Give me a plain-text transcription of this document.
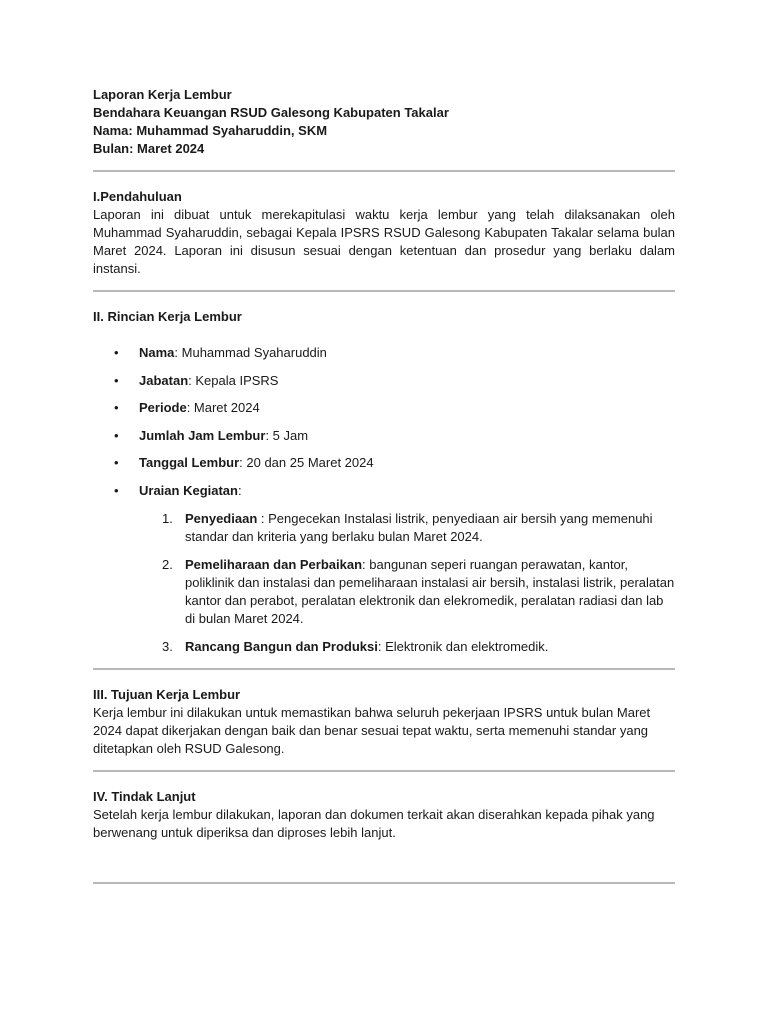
Laporan Kerja Lembur

Bendahara Keuangan RSUD Galesong Kabupaten Takalar

Nama: Muhammad Syaharuddin, SKM

Bulan: Maret 2024

I.Pendahuluan

Laporan ini dibuat untuk merekapitulasi waktu kerja lembur yang telah dilaksanakan oleh Muhammad Syaharuddin, sebagai Kepala IPSRS RSUD Galesong Kabupaten Takalar selama bulan Maret 2024. Laporan ini disusun sesuai dengan ketentuan dan prosedur yang berlaku dalam instansi.

II. Rincian Kerja Lembur

• Nama: Muhammad Syaharuddin
• Jabatan: Kepala IPSRS
• Periode: Maret 2024
• Jumlah Jam Lembur: 5 Jam
• Tanggal Lembur: 20 dan 25 Maret 2024
• Uraian Kegiatan:
1. Penyediaan : Pengecekan Instalasi listrik, penyediaan air bersih yang memenuhi standar dan kriteria yang berlaku bulan Maret 2024.
2. Pemeliharaan dan Perbaikan: bangunan seperi ruangan perawatan, kantor, poliklinik dan instalasi dan pemeliharaan instalasi air bersih, instalasi listrik, peralatan kantor dan perabot, peralatan elektronik dan elekromedik, peralatan radiasi dan lab di bulan Maret 2024.
3. Rancang Bangun dan Produksi: Elektronik dan elektromedik.

III. Tujuan Kerja Lembur

Kerja lembur ini dilakukan untuk memastikan bahwa seluruh pekerjaan IPSRS untuk bulan Maret 2024 dapat dikerjakan dengan baik dan benar sesuai tepat waktu, serta memenuhi standar yang ditetapkan oleh RSUD Galesong.

IV. Tindak Lanjut

Setelah kerja lembur dilakukan, laporan dan dokumen terkait akan diserahkan kepada pihak yang berwenang untuk diperiksa dan diproses lebih lanjut.
